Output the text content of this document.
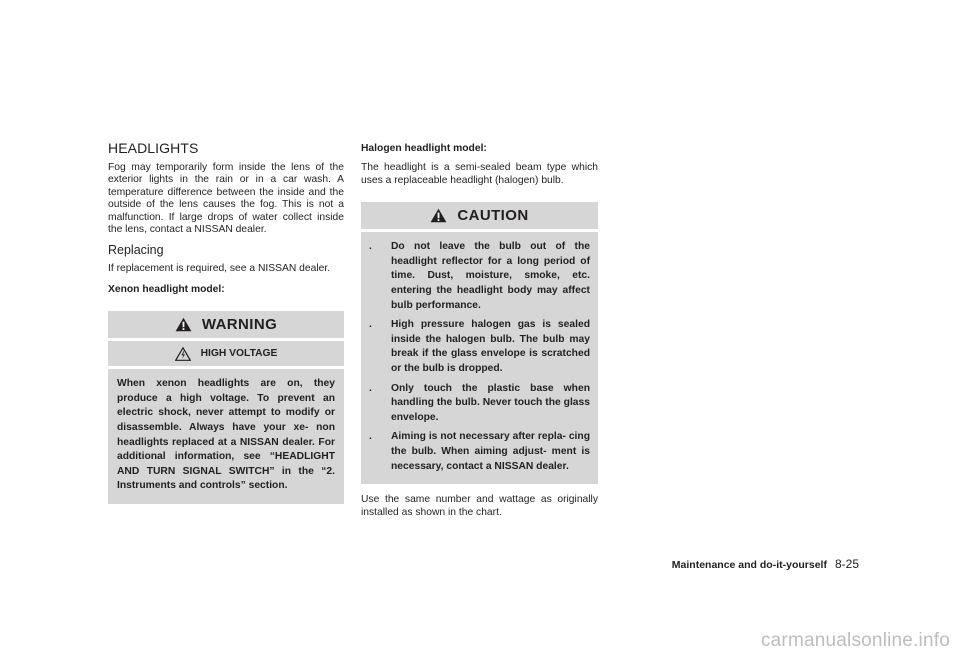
HEADLIGHTS

Fog may temporarily form inside the lens of the exterior lights in the rain or in a car wash. A temperature difference between the inside and the outside of the lens causes the fog. This is not a malfunction. If large drops of water collect inside the lens, contact a NISSAN dealer.

Replacing

If replacement is required, see a NISSAN dealer.

Xenon headlight model:

WARNING
HIGH VOLTAGE

When xenon headlights are on, they produce a high voltage. To prevent an electric shock, never attempt to modify or disassemble. Always have your xe- non headlights replaced at a NISSAN dealer. For additional information, see “HEADLIGHT AND TURN SIGNAL SWITCH” in the “2. Instruments and controls” section.

Halogen headlight model:

The headlight is a semi-sealed beam type which uses a replaceable headlight (halogen) bulb.

CAUTION
.	Do not leave the bulb out of the headlight reflector for a long period of time. Dust, moisture, smoke, etc. entering the headlight body may affect bulb performance.
.	High pressure halogen gas is sealed inside the halogen bulb. The bulb may break if the glass envelope is scratched or the bulb is dropped.
.	Only touch the plastic base when handling the bulb. Never touch the glass envelope.
.	Aiming is not necessary after repla- cing the bulb. When aiming adjust- ment is necessary, contact a NISSAN dealer.

Use the same number and wattage as originally installed as shown in the chart.

Maintenance and do-it-yourself 8-25
carmanualsonline.info
